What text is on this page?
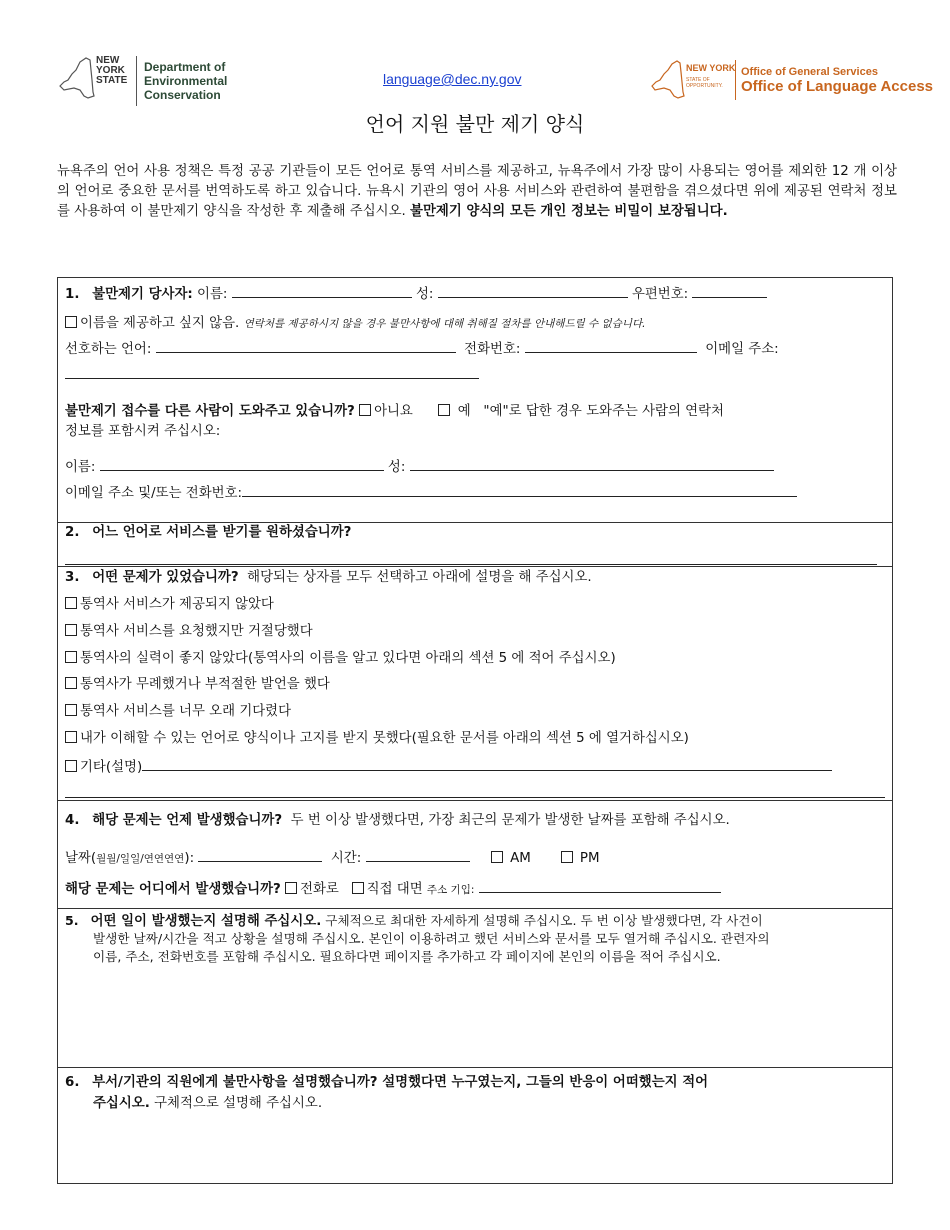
NEW
YORK
STATE
Department of
Environmental
Conservation
language@dec.ny.gov
NEW YORK
STATE OF OPPORTUNITY.
Office of General Services
Office of Language Access
언어 지원 불만 제기 양식
뉴욕주의 언어 사용 정책은 특정 공공 기관들이 모든 언어로 통역 서비스를 제공하고, 뉴욕주에서 가장 많이 사용되는 영어를 제외한 12 개 이상의 언어로 중요한 문서를 번역하도록 하고 있습니다. 뉴욕시 기관의 영어 사용 서비스와 관련하여 불편함을 겪으셨다면 위에 제공된 연락처 정보를 사용하여 이 불만제기 양식을 작성한 후 제출해 주십시오. 불만제기 양식의 모든 개인 정보는 비밀이 보장됩니다.
1. 불만제기 당사자: 이름:	성:	우편번호:
이름을 제공하고 싶지 않음. 연락처를 제공하시지 않을 경우 불만사항에 대해 취해질 절차를 안내해드릴 수 없습니다.
선호하는 언어:	전화번호:	이메일 주소:
불만제기 접수를 다른 사람이 도와주고 있습니까? 아니요	예 "예"로 답한 경우 도와주는 사람의 연락처
정보를 포함시켜 주십시오:
이름:	성:
이메일 주소 및/또는 전화번호:
2. 어느 언어로 서비스를 받기를 원하셨습니까?
3. 어떤 문제가 있었습니까? 해당되는 상자를 모두 선택하고 아래에 설명을 해 주십시오.
통역사 서비스가 제공되지 않았다
통역사 서비스를 요청했지만 거절당했다
통역사의 실력이 좋지 않았다(통역사의 이름을 알고 있다면 아래의 섹션 5 에 적어 주십시오)
통역사가 무례했거나 부적절한 발언을 했다
통역사 서비스를 너무 오래 기다렸다
내가 이해할 수 있는 언어로 양식이나 고지를 받지 못했다(필요한 문서를 아래의 섹션 5 에 열거하십시오)
기타(설명)
4. 해당 문제는 언제 발생했습니까? 두 번 이상 발생했다면, 가장 최근의 문제가 발생한 날짜를 포함해 주십시오.
날짜(월월/일일/연연연연):	시간:	AM	PM
해당 문제는 어디에서 발생했습니까? 전화로 직접 대면 주소 기입:
5. 어떤 일이 발생했는지 설명해 주십시오. 구체적으로 최대한 자세하게 설명해 주십시오. 두 번 이상 발생했다면, 각 사건이
발생한 날짜/시간을 적고 상황을 설명해 주십시오. 본인이 이용하려고 했던 서비스와 문서를 모두 열거해 주십시오. 관련자의
이름, 주소, 전화번호를 포함해 주십시오. 필요하다면 페이지를 추가하고 각 페이지에 본인의 이름을 적어 주십시오.
6. 부서/기관의 직원에게 불만사항을 설명했습니까? 설명했다면 누구였는지, 그들의 반응이 어떠했는지 적어
주십시오. 구체적으로 설명해 주십시오.
